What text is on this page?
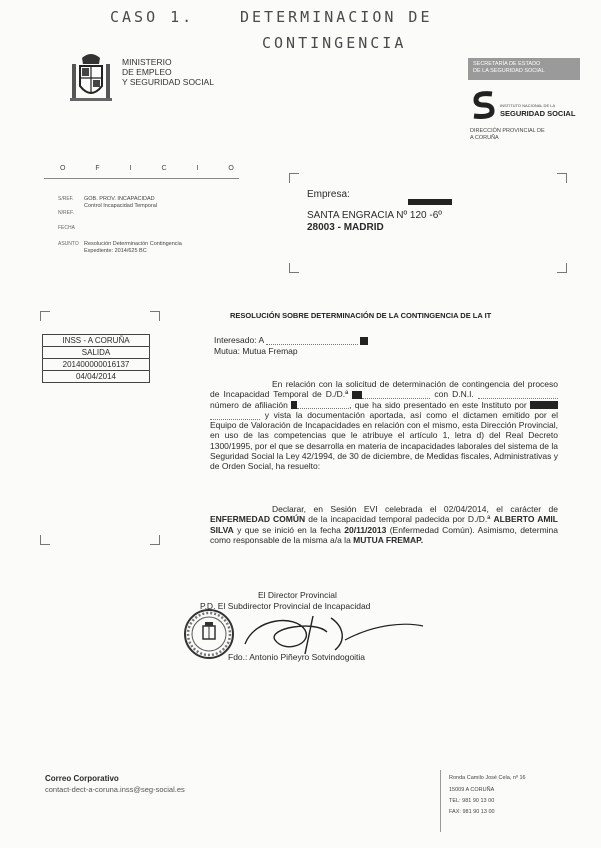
CASO 1.	DETERMINACION DE
CONTINGENCIA
MINISTERIO
DE EMPLEO
Y SEGURIDAD SOCIAL
SECRETARÍA DE ESTADO
DE LA SEGURIDAD SOCIAL
INSTITUTO NACIONAL DE LA
SEGURIDAD SOCIAL
DIRECCIÓN PROVINCIAL DE
A CORUÑA
O F I C I O
S/REF.	GOB. PROV. INCAPACIDAD
Control Incapacidad Temporal
N/REF.
FECHA
ASUNTO Resolución Determinación Contingencia
Expediente: 2014/625 BC
Empresa:
SANTA ENGRACIA Nº 120 -6º
28003 - MADRID
RESOLUCIÓN SOBRE DETERMINACIÓN DE LA CONTINGENCIA DE LA IT
INSS - A CORUÑA
SALIDA
201400000016137
04/04/2014
Interesado: A
Mutua: Mutua Fremap
En relación con la solicitud de determinación de contingencia del proceso de Incapacidad Temporal de D./D.ª	con D.N.I.  número de afiliación	, que ha sido presentado en este Instituto por  y vista la documentación aportada, así como el dictamen emitido por el Equipo de Valoración de Incapacidades en relación con el mismo, esta Dirección Provincial, en uso de las competencias que le atribuye el artículo 1, letra d) del Real Decreto 1300/1995, por el que se desarrolla en materia de incapacidades laborales del sistema de la Seguridad Social la Ley 42/1994, de 30 de diciembre, de Medidas fiscales, Administrativas y de Orden Social, ha resuelto:
Declarar, en Sesión EVI celebrada el 02/04/2014, el carácter de ENFERMEDAD COMÚN de la incapacidad temporal padecida por D./D.ª ALBERTO AMIL SILVA y que se inició en la fecha 20/11/2013 (Enfermedad Común). Asimismo, determina como responsable de la misma a/a la MUTUA FREMAP.
El Director Provincial
P.D. El Subdirector Provincial de Incapacidad
Fdo.: Antonio Piñeyro Sotvindogoitia
Correo Corporativo
contact-dect-a-coruna.inss@seg-social.es
Ronda Camilo José Cela, nº 16
15009 A CORUÑA
TEL: 981 90 13 00
FAX: 981 90 13 00
